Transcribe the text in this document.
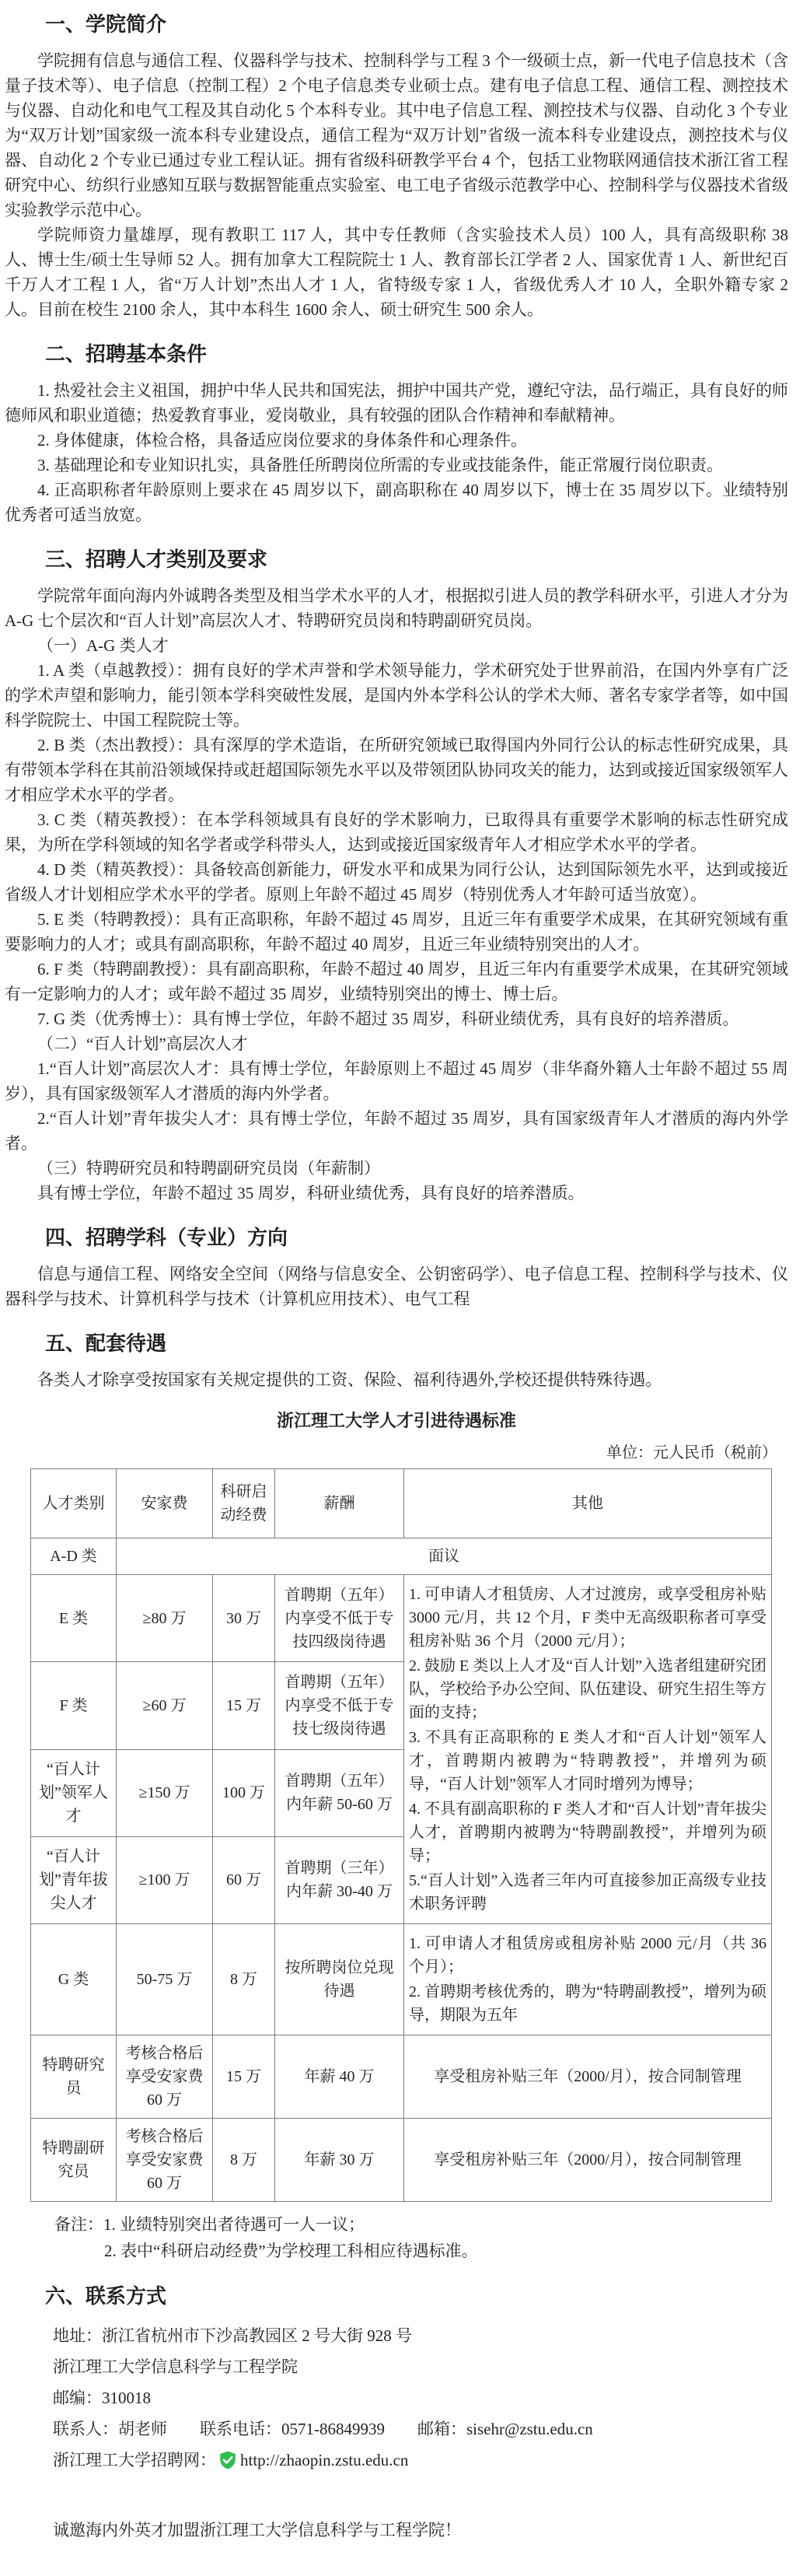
一、学院简介

学院拥有信息与通信工程、仪器科学与技术、控制科学与工程 3 个一级硕士点，新一代电子信息技术（含量子技术等）、电子信息（控制工程）2 个电子信息类专业硕士点。建有电子信息工程、通信工程、测控技术与仪器、自动化和电气工程及其自动化 5 个本科专业。其中电子信息工程、测控技术与仪器、自动化 3 个专业为“双万计划”国家级一流本科专业建设点，通信工程为“双万计划”省级一流本科专业建设点，测控技术与仪器、自动化 2 个专业已通过专业工程认证。拥有省级科研教学平台 4 个，包括工业物联网通信技术浙江省工程研究中心、纺织行业感知互联与数据智能重点实验室、电工电子省级示范教学中心、控制科学与仪器技术省级实验教学示范中心。

学院师资力量雄厚，现有教职工 117 人，其中专任教师（含实验技术人员）100 人，具有高级职称 38 人、博士生/硕士生导师 52 人。拥有加拿大工程院院士 1 人、教育部长江学者 2 人、国家优青 1 人、新世纪百千万人才工程 1 人，省“万人计划”杰出人才 1 人，省特级专家 1 人，省级优秀人才 10 人，全职外籍专家 2 人。目前在校生 2100 余人，其中本科生 1600 余人、硕士研究生 500 余人。

二、招聘基本条件

1. 热爱社会主义祖国，拥护中华人民共和国宪法，拥护中国共产党，遵纪守法，品行端正，具有良好的师德师风和职业道德；热爱教育事业，爱岗敬业，具有较强的团队合作精神和奉献精神。

2. 身体健康，体检合格，具备适应岗位要求的身体条件和心理条件。

3. 基础理论和专业知识扎实，具备胜任所聘岗位所需的专业或技能条件，能正常履行岗位职责。

4. 正高职称者年龄原则上要求在 45 周岁以下，副高职称在 40 周岁以下，博士在 35 周岁以下。业绩特别优秀者可适当放宽。

三、招聘人才类别及要求

学院常年面向海内外诚聘各类型及相当学术水平的人才，根据拟引进人员的教学科研水平，引进人才分为 A-G 七个层次和“百人计划”高层次人才、特聘研究员岗和特聘副研究员岗。

（一）A-G 类人才

1. A 类（卓越教授）：拥有良好的学术声誉和学术领导能力，学术研究处于世界前沿，在国内外享有广泛的学术声望和影响力，能引领本学科突破性发展，是国内外本学科公认的学术大师、著名专家学者等，如中国科学院院士、中国工程院院士等。

2. B 类（杰出教授）：具有深厚的学术造诣，在所研究领域已取得国内外同行公认的标志性研究成果，具有带领本学科在其前沿领域保持或赶超国际领先水平以及带领团队协同攻关的能力，达到或接近国家级领军人才相应学术水平的学者。

3. C 类（精英教授）：在本学科领域具有良好的学术影响力，已取得具有重要学术影响的标志性研究成果，为所在学科领域的知名学者或学科带头人，达到或接近国家级青年人才相应学术水平的学者。

4. D 类（精英教授）：具备较高创新能力，研发水平和成果为同行公认，达到国际领先水平，达到或接近省级人才计划相应学术水平的学者。原则上年龄不超过 45 周岁（特别优秀人才年龄可适当放宽）。

5. E 类（特聘教授）：具有正高职称，年龄不超过 45 周岁，且近三年有重要学术成果，在其研究领域有重要影响力的人才；或具有副高职称，年龄不超过 40 周岁，且近三年业绩特别突出的人才。

6. F 类（特聘副教授）：具有副高职称，年龄不超过 40 周岁，且近三年内有重要学术成果，在其研究领域有一定影响力的人才；或年龄不超过 35 周岁，业绩特别突出的博士、博士后。

7. G 类（优秀博士）：具有博士学位，年龄不超过 35 周岁，科研业绩优秀，具有良好的培养潜质。

（二）“百人计划”高层次人才

1.“百人计划”高层次人才：具有博士学位，年龄原则上不超过 45 周岁（非华裔外籍人士年龄不超过 55 周岁），具有国家级领军人才潜质的海内外学者。

2.“百人计划”青年拔尖人才：具有博士学位，年龄不超过 35 周岁，具有国家级青年人才潜质的海内外学者。

（三）特聘研究员和特聘副研究员岗（年薪制）

具有博士学位，年龄不超过 35 周岁，科研业绩优秀，具有良好的培养潜质。

四、招聘学科（专业）方向

信息与通信工程、网络安全空间（网络与信息安全、公钥密码学）、电子信息工程、控制科学与技术、仪器科学与技术、计算机科学与技术（计算机应用技术）、电气工程

五、配套待遇

各类人才除享受按国家有关规定提供的工资、保险、福利待遇外,学校还提供特殊待遇。

浙江理工大学人才引进待遇标准
单位：元人民币（税前）
人才类别	安家费	科研启动经费	薪酬	其他
A-D 类	面议			
E 类	≥80 万	30 万	首聘期（五年）内享受不低于专技四级岗待遇	1. 可申请人才租赁房、人才过渡房，或享受租房补贴 3000 元/月，共 12 个月，F 类中无高级职称者可享受租房补贴 36 个月（2000 元/月）；
2. 鼓励 E 类以上人才及“百人计划”入选者组建研究团队，学校给予办公空间、队伍建设、研究生招生等方面的支持；
3. 不具有正高职称的 E 类人才和“百人计划”领军人才，首聘期内被聘为“特聘教授”，并增列为硕导，“百人计划”领军人才同时增列为博导；
4. 不具有副高职称的 F 类人才和“百人计划”青年拔尖人才，首聘期内被聘为“特聘副教授”，并增列为硕导；
5.“百人计划”入选者三年内可直接参加正高级专业技术职务评聘

F 类	≥60 万	15 万	首聘期（五年）内享受不低于专技七级岗待遇	
“百人计划”领军人才	≥150 万	100 万	首聘期（五年）内年薪 50-60 万	
“百人计划”青年拔尖人才	≥100 万	60 万	首聘期（三年）内年薪 30-40 万	
G 类	50-75 万	8 万	按所聘岗位兑现待遇	1. 可申请人才租赁房或租房补贴 2000 元/月（共 36 个月）；
2. 首聘期考核优秀的，聘为“特聘副教授”，增列为硕导，期限为五年

特聘研究员	考核合格后享受安家费 60 万	15 万	年薪 40 万	享受租房补贴三年（2000/月），按合同制管理
特聘副研究员	考核合格后享受安家费 60 万	8 万	年薪 30 万	享受租房补贴三年（2000/月），按合同制管理
备注：1. 业绩特别突出者待遇可一人一议；
2. 表中“科研启动经费”为学校理工科相应待遇标准。
六、联系方式
地址：浙江省杭州市下沙高教园区 2 号大街 928 号
浙江理工大学信息科学与工程学院
邮编：310018
联系人：胡老师　　联系电话：0571-86849939　　邮箱：sisehr@zstu.edu.cn
浙江理工大学招聘网： http://zhaopin.zstu.edu.cn
诚邀海内外英才加盟浙江理工大学信息科学与工程学院！
